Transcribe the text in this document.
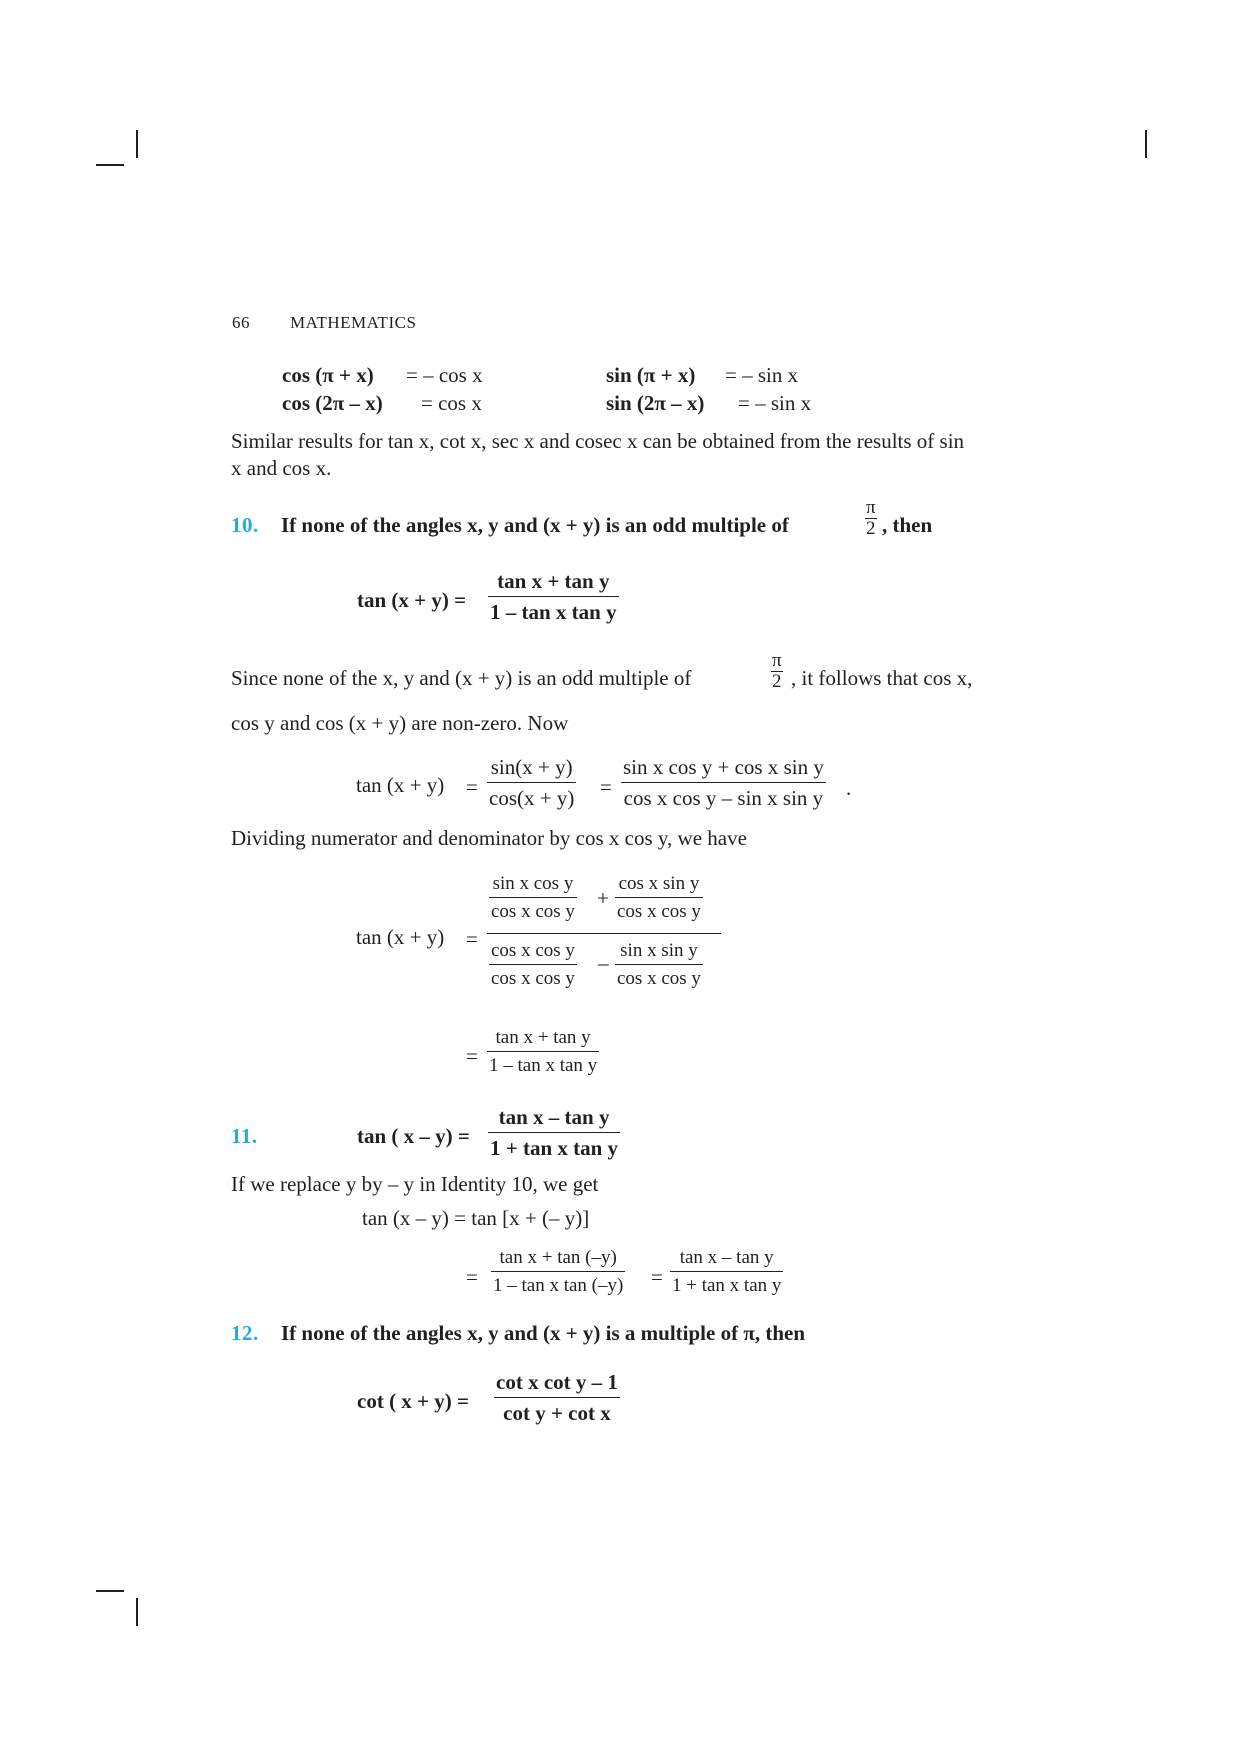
66 MATHEMATICS
cos (π + x) = – cos x	sin (π + x) = – sin x
cos (2π – x) = cos x	sin (2π – x) = – sin x
Similar results for tan x, cot x, sec x and cosec x can be obtained from the results of sin
x and cos x.
10. If none of the angles x, y and (x + y) is an odd multiple of
π
2 , then
tan (x + y) =
tan x + tan y
1 – tan x tan y
Since none of the x, y and (x + y) is an odd multiple of
π
2 , it follows that cos x,
cos y and cos (x + y) are non-zero. Now
tan (x + y) =
sin(x + y)
cos(x + y) =
sin x cos y + cos x sin y
cos x cos y – sin x sin y .
Dividing numerator and denominator by cos x cos y, we have
tan (x + y) =
sin x cos y
cos x cos y
+
cos x sin y
cos x cos y
cos x cos y
cos x cos y
–
sin x sin y
cos x cos y
=
tan x + tan y
1 – tan x tan y
11.	tan ( x – y) =
tan x – tan y
1 + tan x tan y
If we replace y by – y in Identity 10, we get
tan (x – y) = tan [x + (– y)]
=
tan x + tan (–y)
1 – tan x tan (–y) =
tan x – tan y
1 + tan x tan y
12. If none of the angles x, y and (x + y) is a multiple of π, then
cot ( x + y) =
cot x cot y – 1
cot y + cot x
